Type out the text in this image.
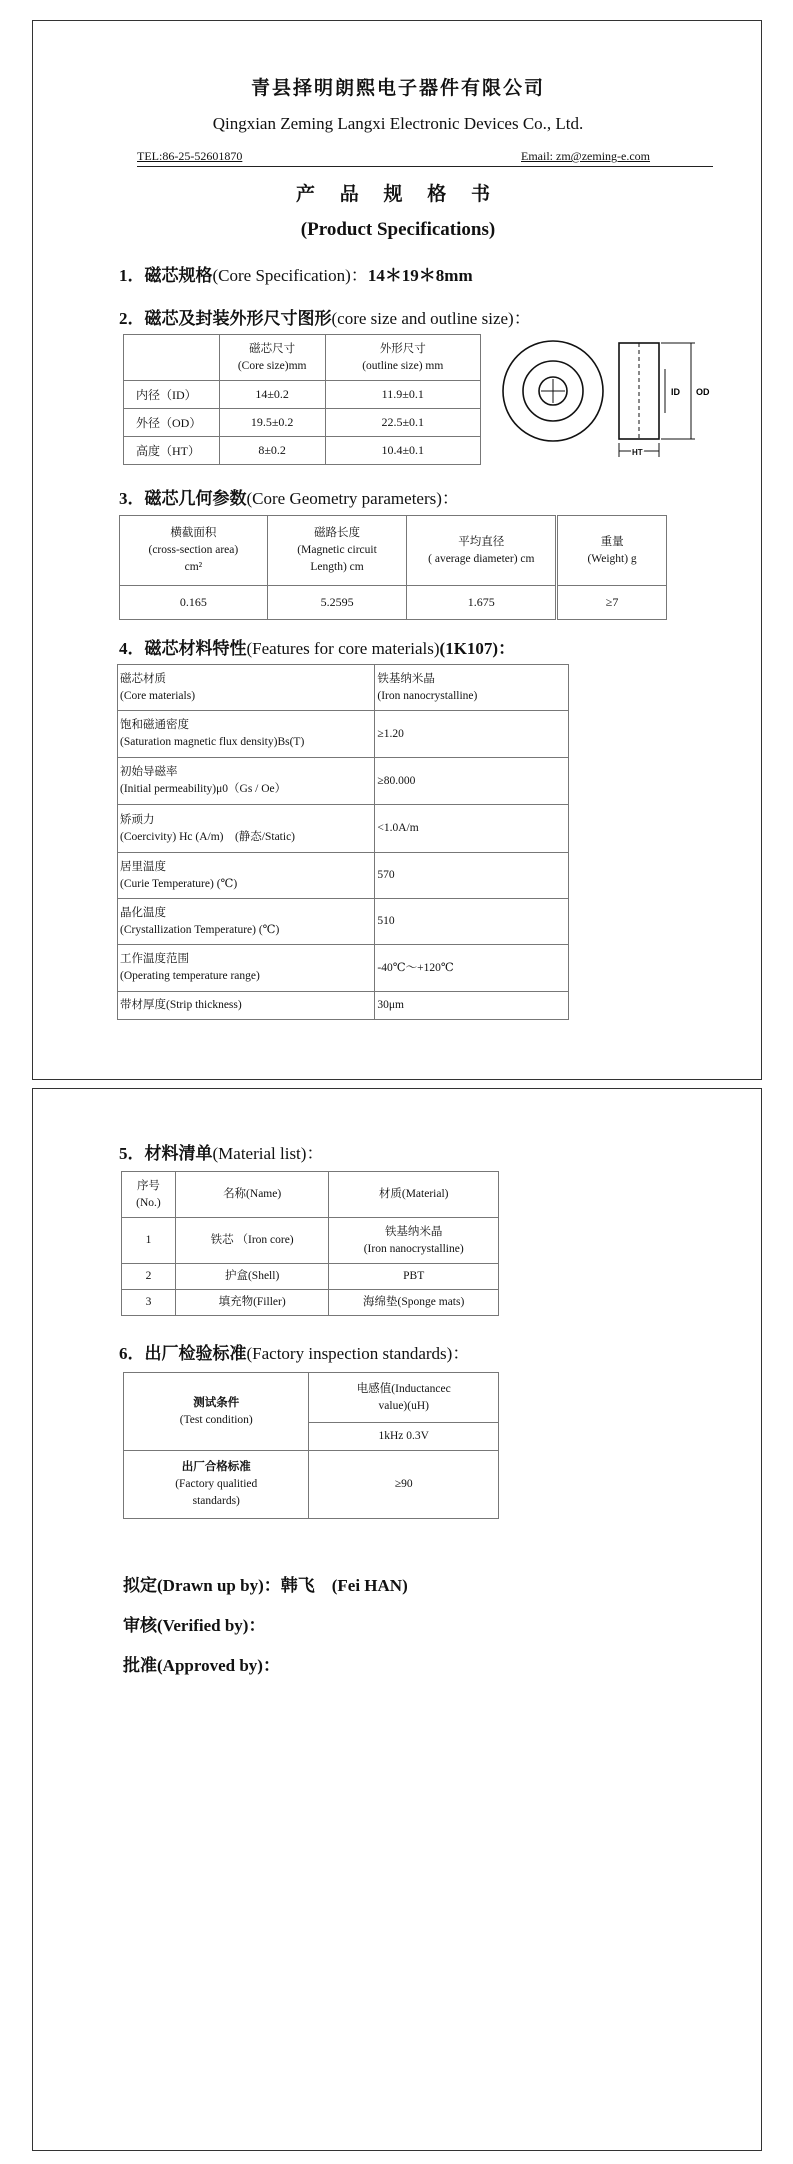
青县择明朗熙电子器件有限公司
Qingxian Zeming Langxi Electronic Devices Co., Ltd.
TEL:86-25-52601870	Email: zm@zeming-e.com
产 品 规 格 书
(Product Specifications)
1．磁芯规格(Core Specification)：14＊19＊8mm
2．磁芯及封装外形尺寸图形(core size and outline size)：
	磁芯尺寸
(Core size)mm	外形尺寸
(outline size) mm
内径（ID）	14±0.2	11.9±0.1
外径（OD）	19.5±0.2	22.5±0.1
高度（HT）	8±0.2	10.4±0.1
ID OD
HT
3．磁芯几何参数(Core Geometry parameters)：
横截面积
(cross-section area)
cm²	磁路长度
(Magnetic circuit
Length) cm	平均直径
( average diameter) cm	重量
(Weight) g
0.165	5.2595	1.675	≥7
4．磁芯材料特性(Features for core materials)(1K107)：
磁芯材质
(Core materials)	铁基纳米晶
(Iron nanocrystalline)
饱和磁通密度
(Saturation magnetic flux density)Bs(T)	≥1.20
初始导磁率
(Initial permeability)μ0（Gs / Oe）	≥80.000
矫顽力
(Coercivity) Hc (A/m)　(静态/Static)	<1.0A/m
居里温度
(Curie Temperature) (℃)	570
晶化温度
(Crystallization Temperature) (℃)	510
工作温度范围
(Operating temperature range)	-40℃～+120℃
带材厚度(Strip thickness)	30μm
5．材料清单(Material list)：
序号
(No.)	名称(Name)	材质(Material)
1	铁芯 （Iron core)	铁基纳米晶
(Iron nanocrystalline)
2	护盒(Shell)	PBT
3	填充物(Filler)	海绵垫(Sponge mats)
6．出厂检验标准(Factory inspection standards)：
测试条件
(Test condition)	电感值(Inductancec
value)(uH)
	1kHz 0.3V
出厂合格标准
(Factory qualitied
standards)	≥90
拟定(Drawn up by)：韩飞　(Fei HAN)
审核(Verified by)：
批准(Approved by)：
